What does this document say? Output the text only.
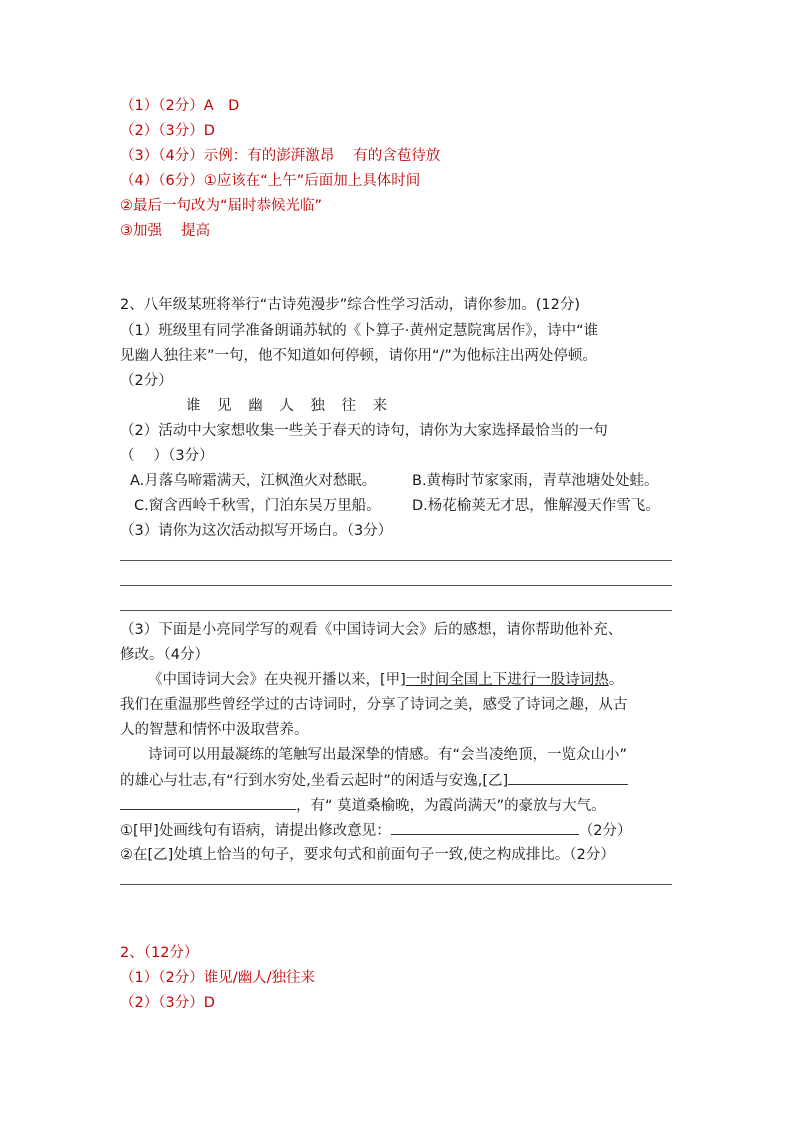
（1）（2分）A　D
（2）（3分）D
（3）（4分）示例：有的澎湃激昂　 有的含苞待放
（4）（6分）①应该在“上午”后面加上具体时间
②最后一句改为“届时恭候光临”
③加强　 提高
2、八年级某班将举行“古诗苑漫步”综合性学习活动，请你参加。(12分)
（1）班级里有同学准备朗诵苏轼的《卜算子·黄州定慧院寓居作》，诗中“谁
见幽人独往来”一句，他不知道如何停顿，请你用“/”为他标注出两处停顿。
（2分）
谁 见 幽 人 独 往 来
（2）活动中大家想收集一些关于春天的诗句，请你为大家选择最恰当的一句
（　 ）（3分）
A.月落乌啼霜满天，江枫渔火对愁眠。 B.黄梅时节家家雨，青草池塘处处蛙。
C.窗含西岭千秋雪，门泊东吴万里船。 D.杨花榆荚无才思，惟解漫天作雪飞。
（3）请你为这次活动拟写开场白。（3分）
（3）下面是小亮同学写的观看《中国诗词大会》后的感想，请你帮助他补充、
修改。（4分）
《中国诗词大会》在央视开播以来，[甲]一时间全国上下进行一股诗词热。
我们在重温那些曾经学过的古诗词时，分享了诗词之美，感受了诗词之趣，从古
人的智慧和情怀中汲取营养。
诗词可以用最凝练的笔触写出最深挚的情感。有“会当凌绝顶，一览众山小”
的雄心与壮志,有“行到水穷处,坐看云起时”的闲适与安逸,[乙]
，有“ 莫道桑榆晚，为霞尚满天”的豪放与大气。
①[甲]处画线句有语病，请提出修改意见：	（2分）
②在[乙]处填上恰当的句子，要求句式和前面句子一致,使之构成排比。（2分）
2、（12分）
（1）（2分）谁见/幽人/独往来
（2）（3分）D
